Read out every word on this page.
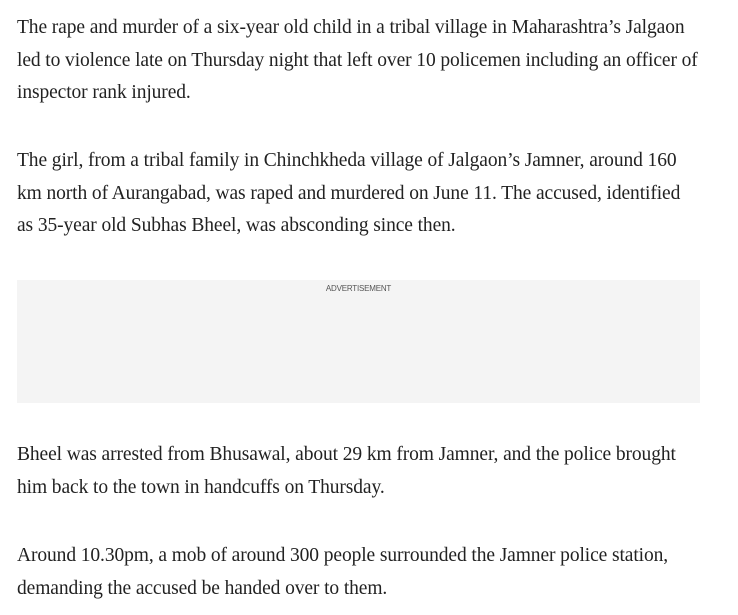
The rape and murder of a six-year old child in a tribal village in Maharashtra’s Jalgaon led to violence late on Thursday night that left over 10 policemen including an officer of inspector rank injured.

The girl, from a tribal family in Chinchkheda village of Jalgaon’s Jamner, around 160 km north of Aurangabad, was raped and murdered on June 11. The accused, identified as 35-year old Subhas Bheel, was absconding since then.

ADVERTISEMENT

Bheel was arrested from Bhusawal, about 29 km from Jamner, and the police brought him back to the town in handcuffs on Thursday.

Around 10.30pm, a mob of around 300 people surrounded the Jamner police station, demanding the accused be handed over to them.
